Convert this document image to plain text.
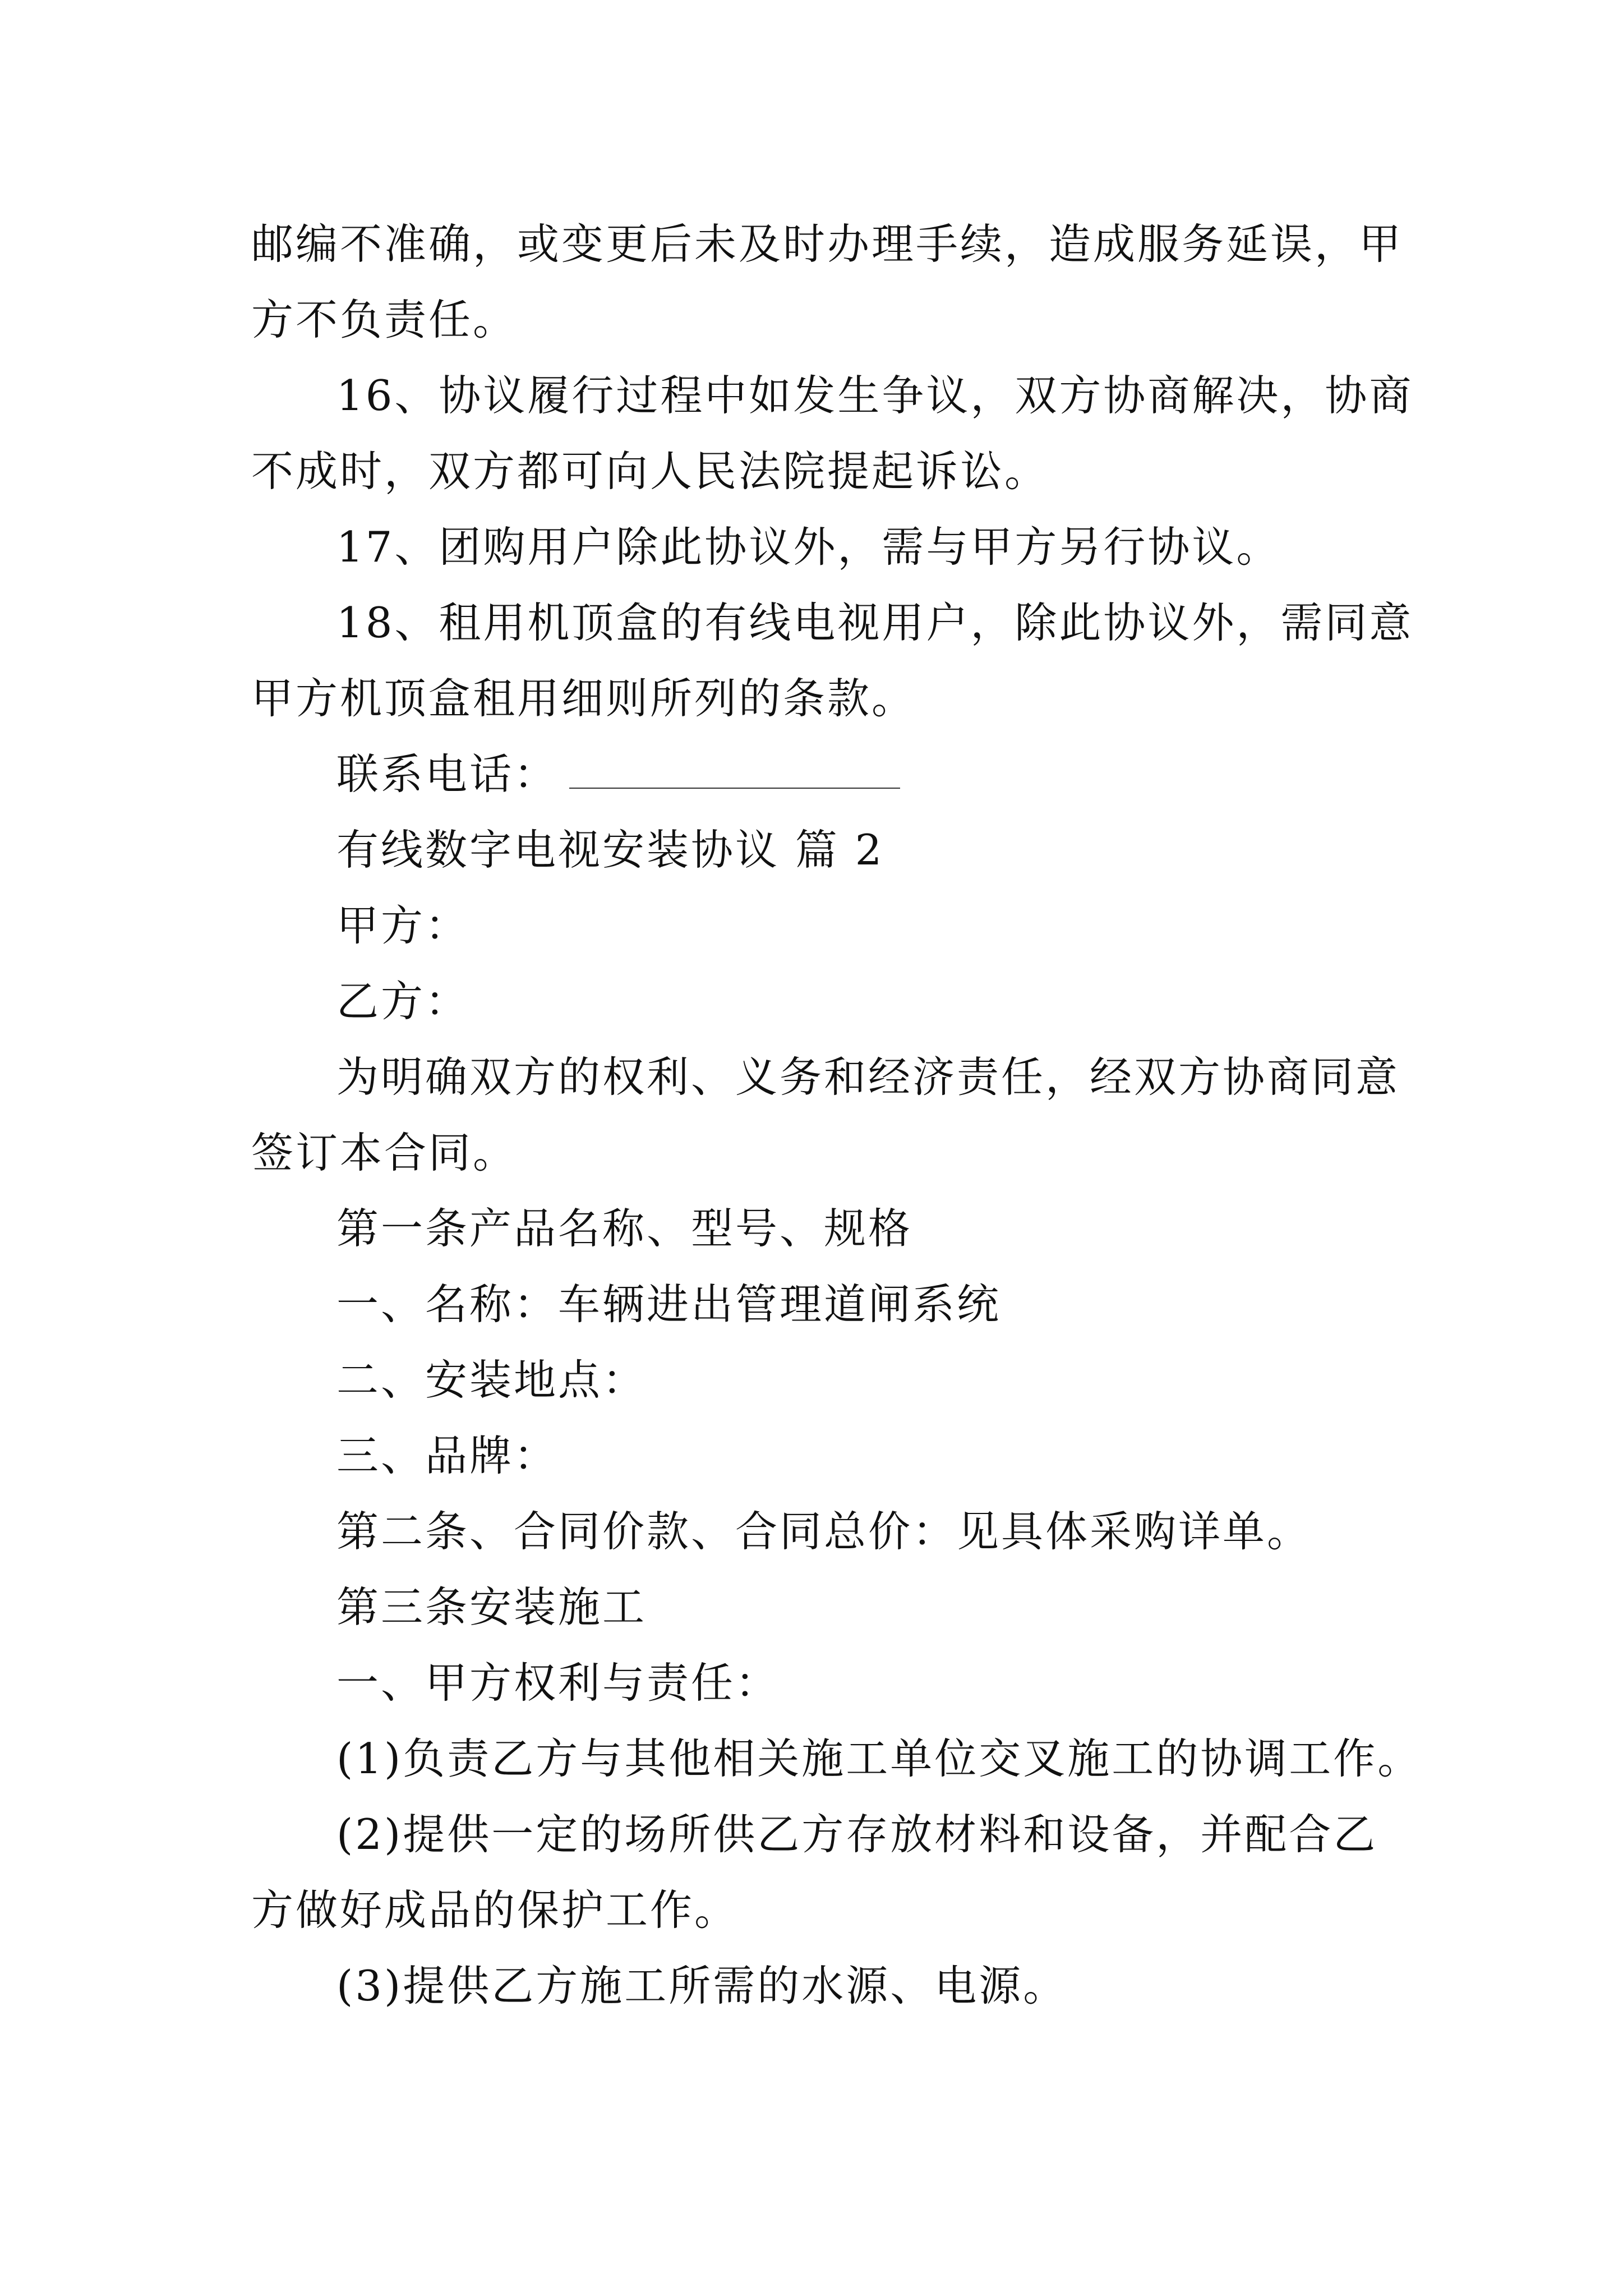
邮编不准确，或变更后未及时办理手续，造成服务延误，甲
方不负责任。
16、协议履行过程中如发生争议，双方协商解决，协商
不成时，双方都可向人民法院提起诉讼。
17、团购用户除此协议外，需与甲方另行协议。
18、租用机顶盒的有线电视用户，除此协议外，需同意
甲方机顶盒租用细则所列的条款。
联系电话：
有线数字电视安装协议 篇 2
甲方：
乙方：
为明确双方的权利、义务和经济责任，经双方协商同意
签订本合同。
第一条产品名称、型号、规格
一、名称：车辆进出管理道闸系统
二、安装地点：
三、品牌：
第二条、合同价款、合同总价：见具体采购详单。
第三条安装施工
一、甲方权利与责任：
(1)负责乙方与其他相关施工单位交叉施工的协调工作。
(2)提供一定的场所供乙方存放材料和设备，并配合乙
方做好成品的保护工作。
(3)提供乙方施工所需的水源、电源。
